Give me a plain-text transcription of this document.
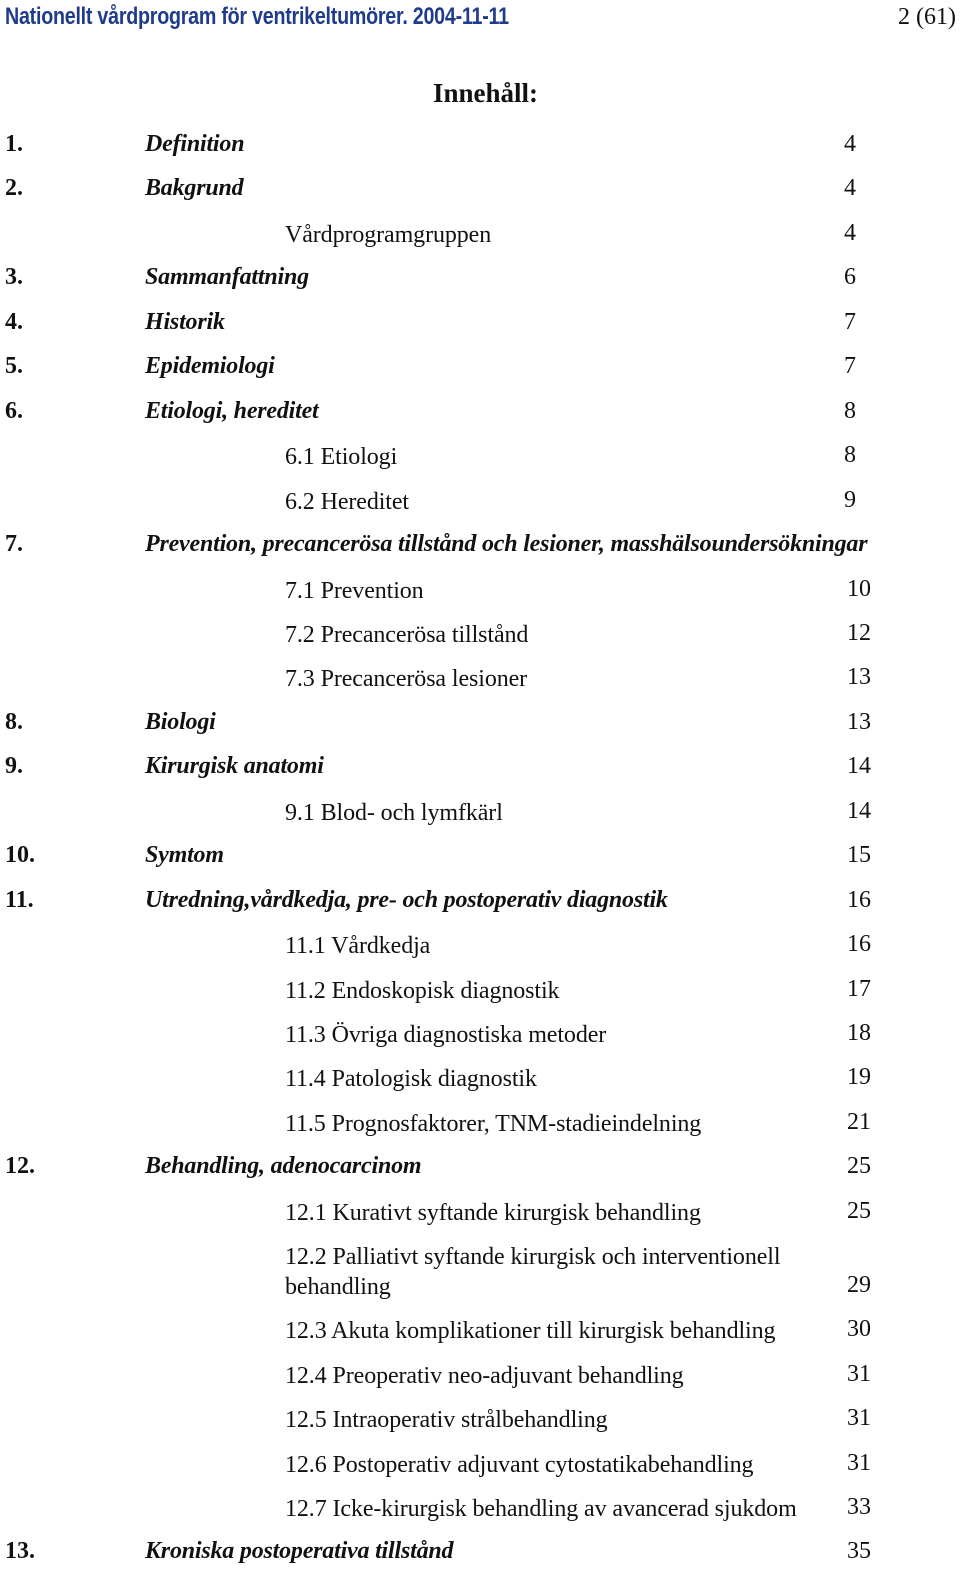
Nationellt vårdprogram för ventrikeltumörer. 2004-11-11	2 (61)
Innehåll:
1.	Definition	4
2.	Bakgrund	4
Vårdprogramgruppen	4
3.	Sammanfattning	6
4.	Historik	7
5.	Epidemiologi	7
6.	Etiologi, hereditet	8
6.1 Etiologi	8
6.2 Hereditet	9
7.	Prevention, precancerösa tillstånd och lesioner, masshälsoundersökningar
7.1 Prevention	10
7.2 Precancerösa tillstånd	12
7.3 Precancerösa lesioner	13
8.	Biologi	13
9.	Kirurgisk anatomi	14
9.1 Blod- och lymfkärl	14
10.	Symtom	15
11.	Utredning,vårdkedja, pre- och postoperativ diagnostik	16
11.1 Vårdkedja	16
11.2 Endoskopisk diagnostik	17
11.3 Övriga diagnostiska metoder	18
11.4 Patologisk diagnostik	19
11.5 Prognosfaktorer, TNM-stadieindelning	21
12.	Behandling, adenocarcinom	25
12.1 Kurativt syftande kirurgisk behandling	25
12.2 Palliativt syftande kirurgisk och interventionell
behandling	29
12.3 Akuta komplikationer till kirurgisk behandling	30
12.4 Preoperativ neo-adjuvant behandling	31
12.5 Intraoperativ strålbehandling	31
12.6 Postoperativ adjuvant cytostatikabehandling	31
12.7 Icke-kirurgisk behandling av avancerad sjukdom 33
13.	Kroniska postoperativa tillstånd	35
